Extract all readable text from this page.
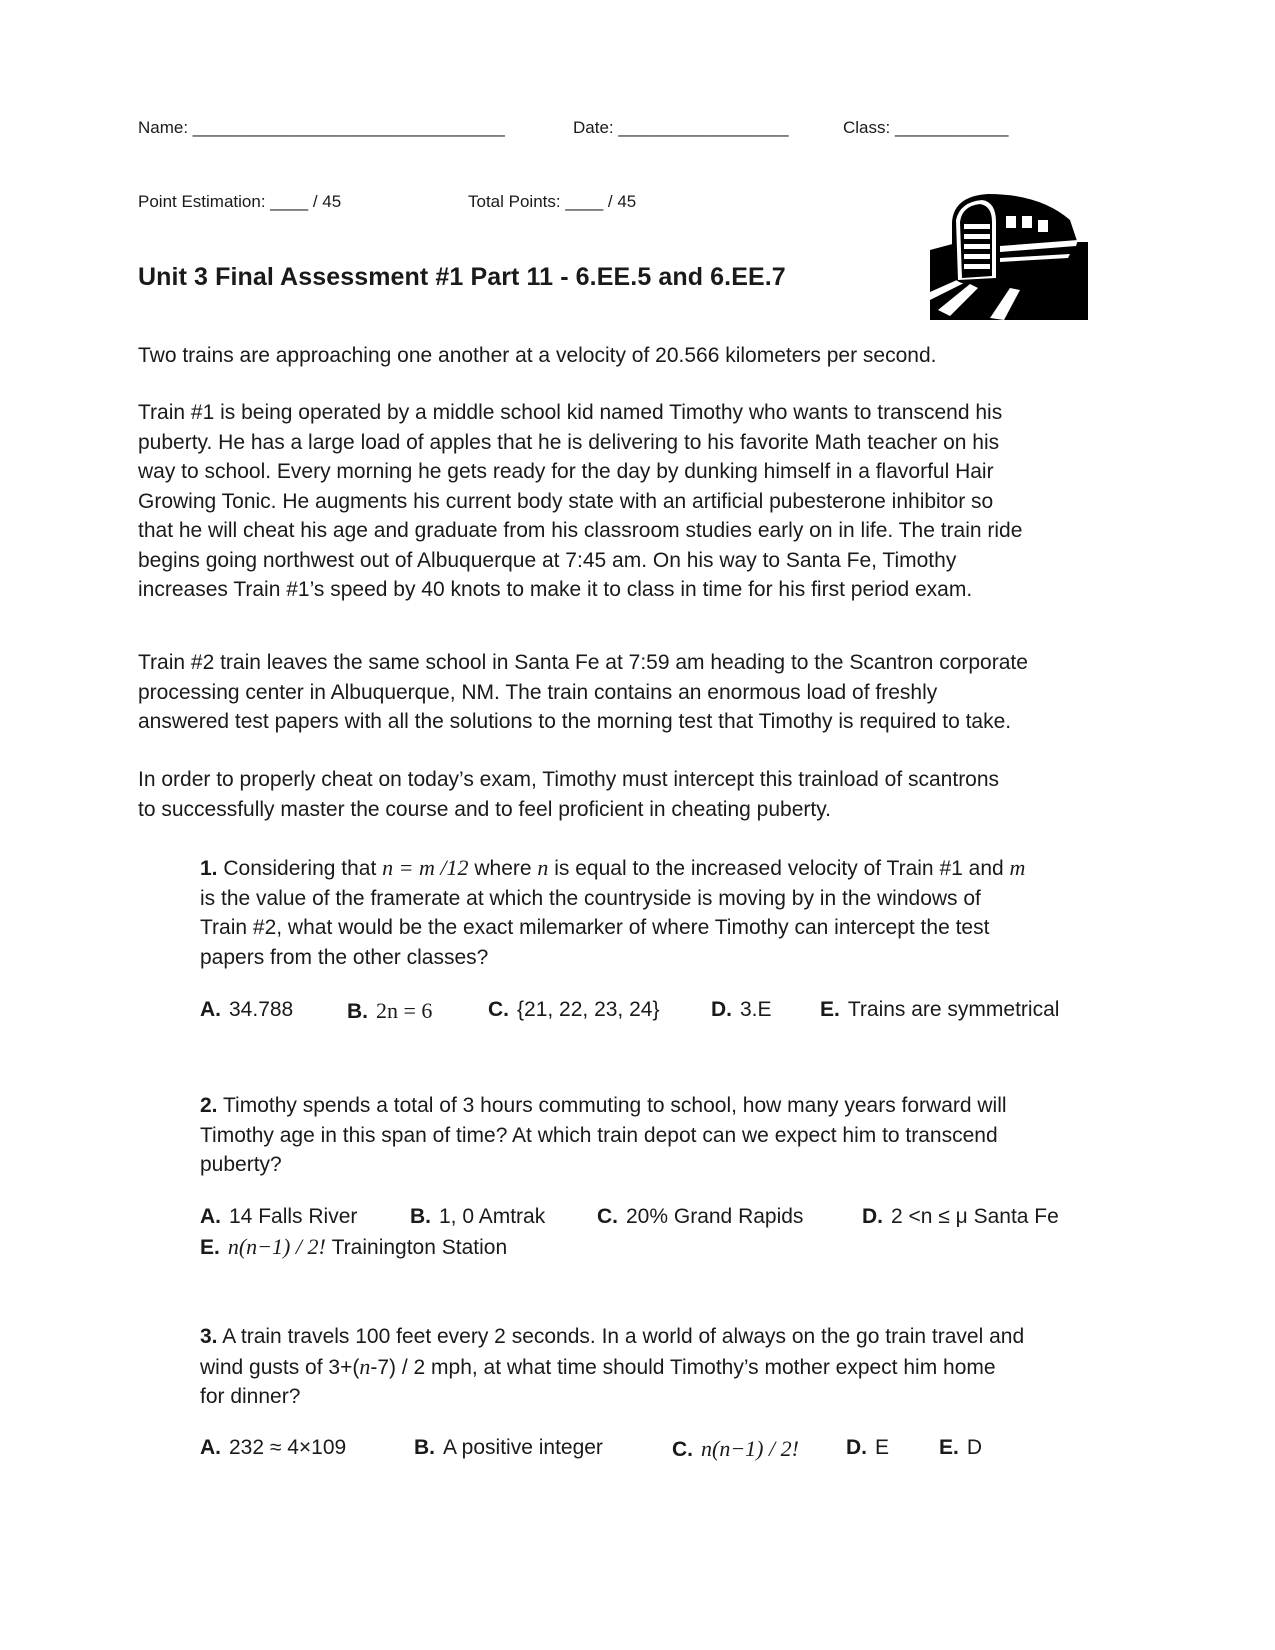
Name: _________________________________	Date: __________________	Class: ____________
Point Estimation: ____ / 45	Total Points: ____ / 45
Unit 3 Final Assessment #1 Part 11 - 6.EE.5 and 6.EE.7
Two trains are approaching one another at a velocity of 20.566 kilometers per second.
Train #1 is being operated by a middle school kid named Timothy who wants to transcend his
puberty. He has a large load of apples that he is delivering to his favorite Math teacher on his
way to school. Every morning he gets ready for the day by dunking himself in a flavorful Hair
Growing Tonic. He augments his current body state with an artificial pubesterone inhibitor so
that he will cheat his age and graduate from his classroom studies early on in life. The train ride
begins going northwest out of Albuquerque at 7:45 am. On his way to Santa Fe, Timothy
increases Train #1’s speed by 40 knots to make it to class in time for his first period exam.
Train #2 train leaves the same school in Santa Fe at 7:59 am heading to the Scantron corporate
processing center in Albuquerque, NM. The train contains an enormous load of freshly
answered test papers with all the solutions to the morning test that Timothy is required to take.
In order to properly cheat on today’s exam, Timothy must intercept this trainload of scantrons
to successfully master the course and to feel proficient in cheating puberty.
1. Considering that n = m /12 where n is equal to the increased velocity of Train #1 and m
is the value of the framerate at which the countryside is moving by in the windows of
Train #2, what would be the exact milemarker of where Timothy can intercept the test
papers from the other classes?
A. 34.788	B. 2n = 6	C. {21, 22, 23, 24} D. 3.E E. Trains are symmetrical
2. Timothy spends a total of 3 hours commuting to school, how many years forward will
Timothy age in this span of time? At which train depot can we expect him to transcend
puberty?
A. 14 Falls River	B. 1, 0 Amtrak C. 20% Grand Rapids	D. 2 <n ≤ μ Santa Fe
E. n(n−1) / 2! Trainington Station
3. A train travels 100 feet every 2 seconds. In a world of always on the go train travel and
wind gusts of 3+(n-7) / 2 mph, at what time should Timothy’s mother expect him home
for dinner?
A. 232 ≈ 4×109	B. A positive integer	C. n(n−1) / 2! D. E E. D
